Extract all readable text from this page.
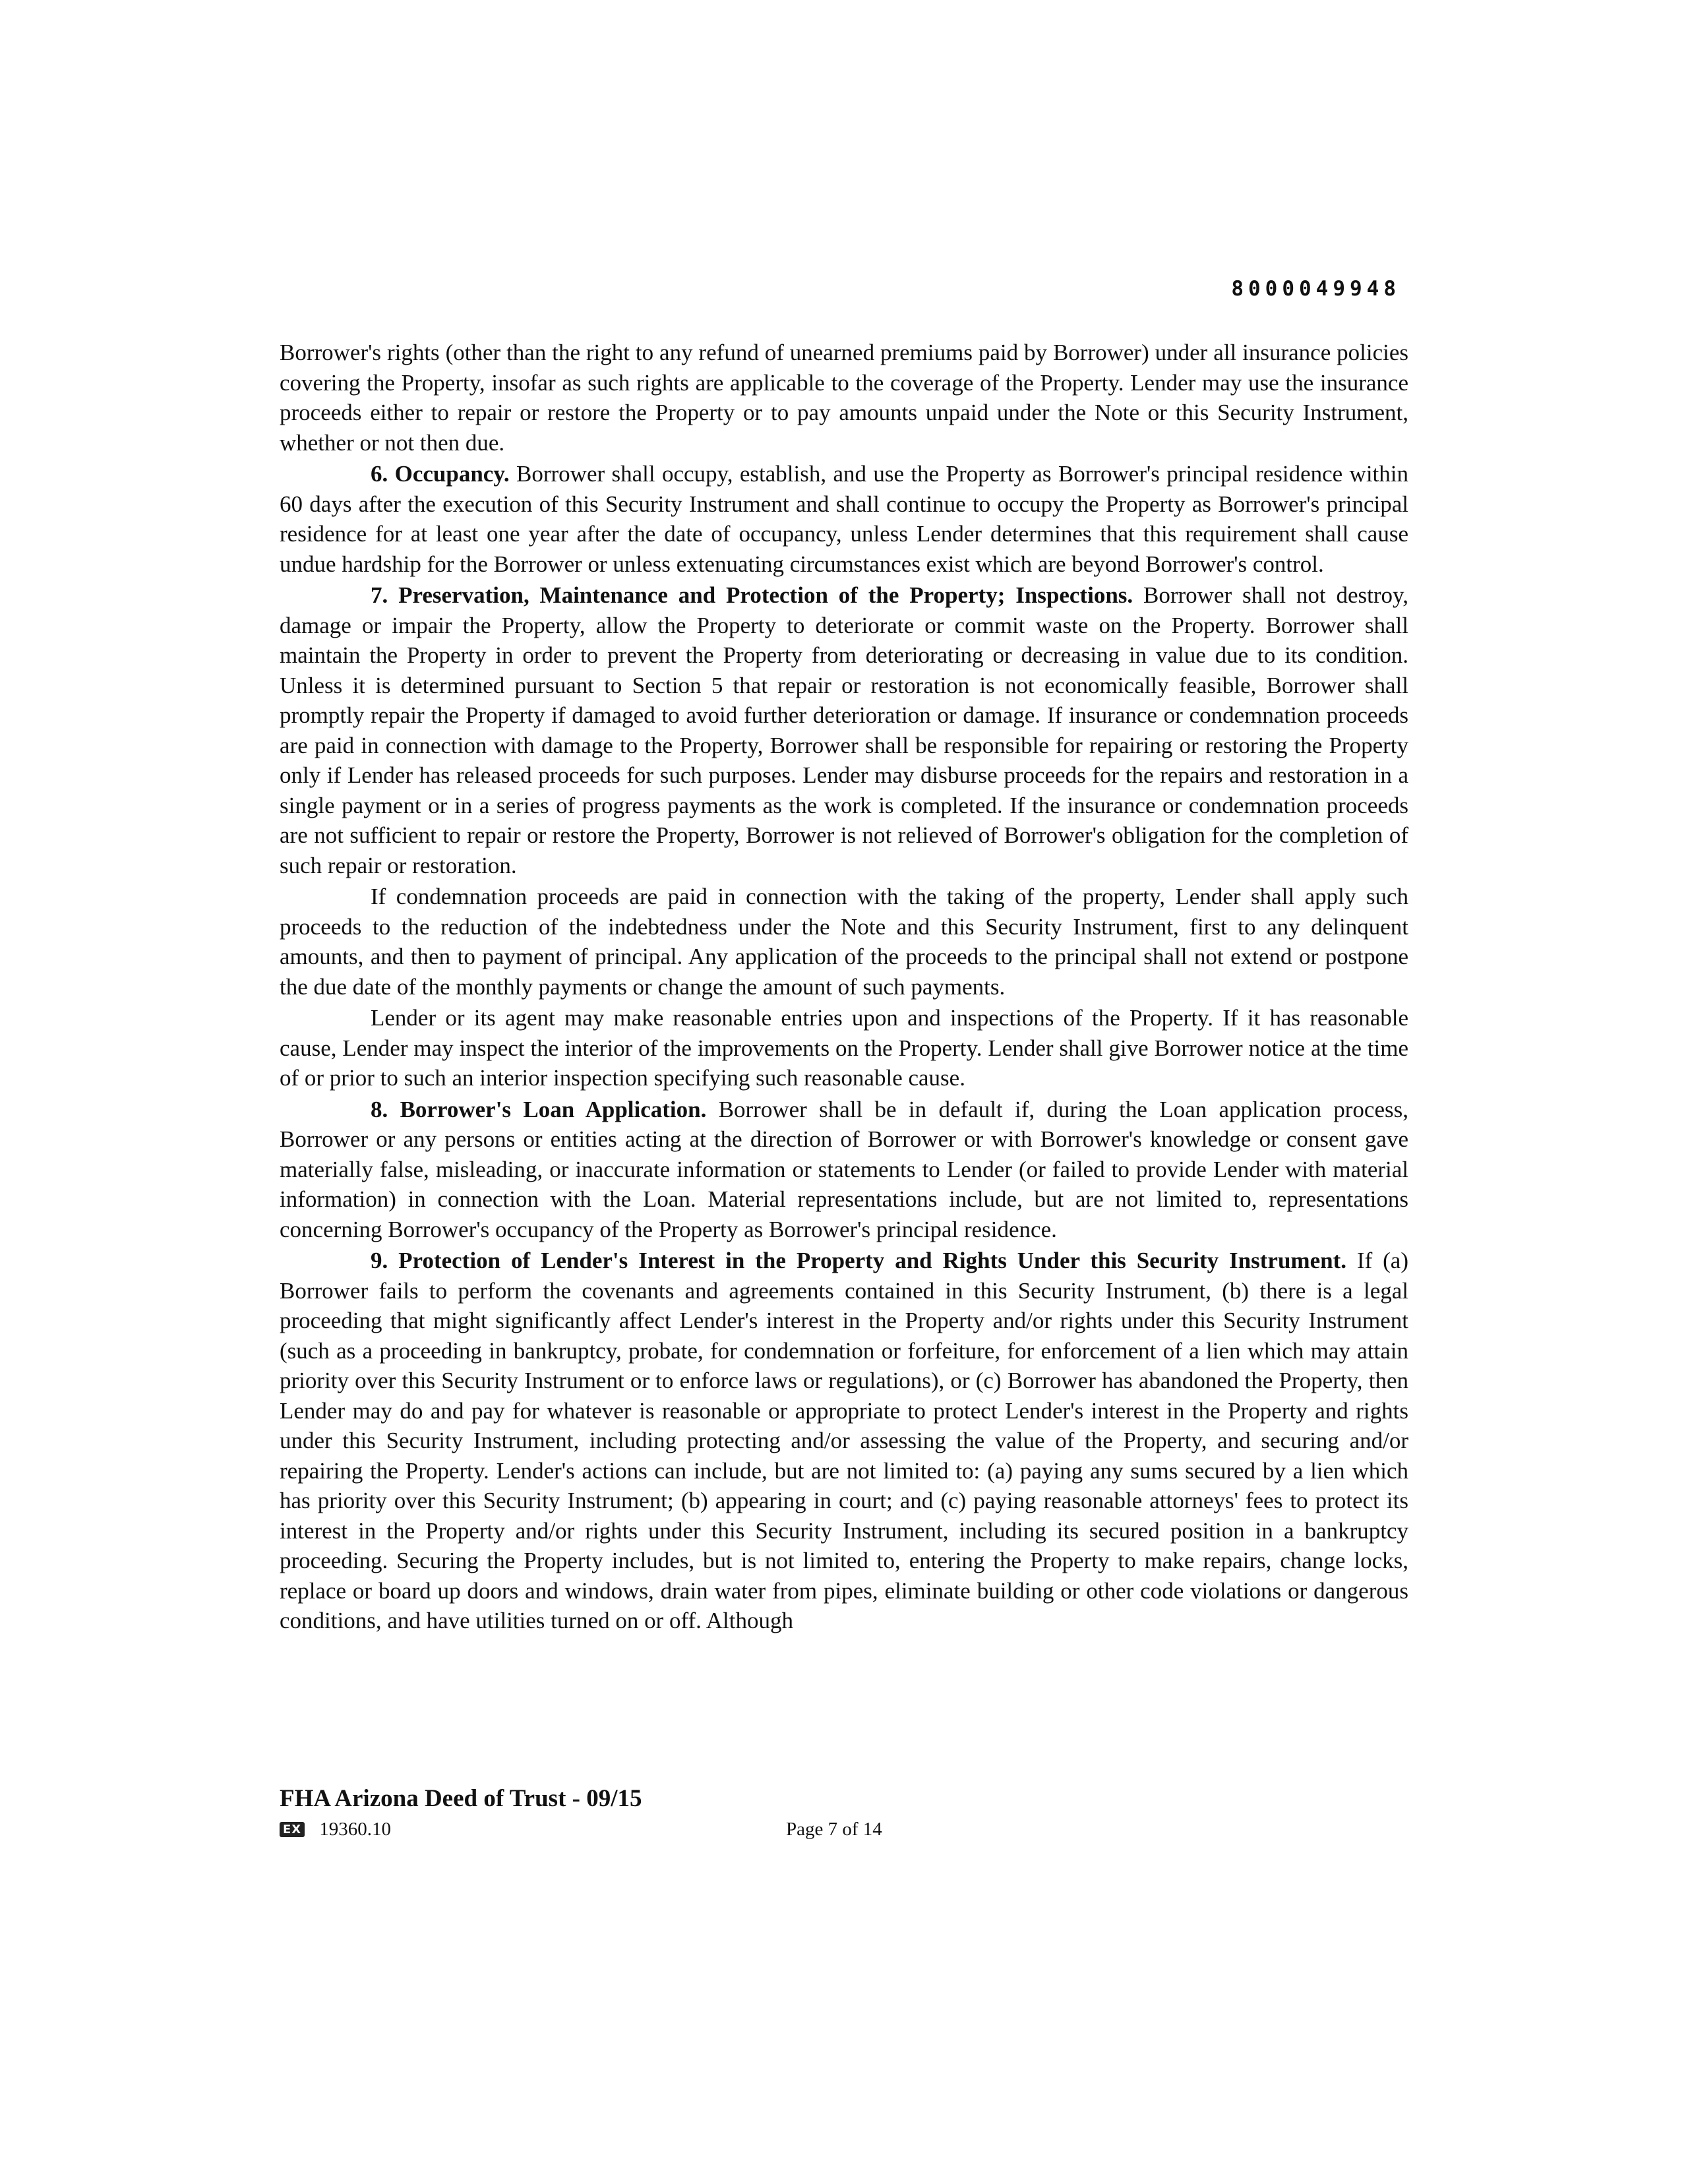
8000049948

Borrower's rights (other than the right to any refund of unearned premiums paid by Borrower) under all insurance policies covering the Property, insofar as such rights are applicable to the coverage of the Property. Lender may use the insurance proceeds either to repair or restore the Property or to pay amounts unpaid under the Note or this Security Instrument, whether or not then due.

6. Occupancy. Borrower shall occupy, establish, and use the Property as Borrower's principal residence within 60 days after the execution of this Security Instrument and shall continue to occupy the Property as Borrower's principal residence for at least one year after the date of occupancy, unless Lender determines that this requirement shall cause undue hardship for the Borrower or unless extenuating circumstances exist which are beyond Borrower's control.

7. Preservation, Maintenance and Protection of the Property; Inspections. Borrower shall not destroy, damage or impair the Property, allow the Property to deteriorate or commit waste on the Property. Borrower shall maintain the Property in order to prevent the Property from deteriorating or decreasing in value due to its condition. Unless it is determined pursuant to Section 5 that repair or restoration is not economically feasible, Borrower shall promptly repair the Property if damaged to avoid further deterioration or damage. If insurance or condemnation proceeds are paid in connection with damage to the Property, Borrower shall be responsible for repairing or restoring the Property only if Lender has released proceeds for such purposes. Lender may disburse proceeds for the repairs and restoration in a single payment or in a series of progress payments as the work is completed. If the insurance or condemnation proceeds are not sufficient to repair or restore the Property, Borrower is not relieved of Borrower's obligation for the completion of such repair or restoration.

If condemnation proceeds are paid in connection with the taking of the property, Lender shall apply such proceeds to the reduction of the indebtedness under the Note and this Security Instrument, first to any delinquent amounts, and then to payment of principal. Any application of the proceeds to the principal shall not extend or postpone the due date of the monthly payments or change the amount of such payments.

Lender or its agent may make reasonable entries upon and inspections of the Property. If it has reasonable cause, Lender may inspect the interior of the improvements on the Property. Lender shall give Borrower notice at the time of or prior to such an interior inspection specifying such reasonable cause.

8. Borrower's Loan Application. Borrower shall be in default if, during the Loan application process, Borrower or any persons or entities acting at the direction of Borrower or with Borrower's knowledge or consent gave materially false, misleading, or inaccurate information or statements to Lender (or failed to provide Lender with material information) in connection with the Loan. Material representations include, but are not limited to, representations concerning Borrower's occupancy of the Property as Borrower's principal residence.

9. Protection of Lender's Interest in the Property and Rights Under this Security Instrument. If (a) Borrower fails to perform the covenants and agreements contained in this Security Instrument, (b) there is a legal proceeding that might significantly affect Lender's interest in the Property and/or rights under this Security Instrument (such as a proceeding in bankruptcy, probate, for condemnation or forfeiture, for enforcement of a lien which may attain priority over this Security Instrument or to enforce laws or regulations), or (c) Borrower has abandoned the Property, then Lender may do and pay for whatever is reasonable or appropriate to protect Lender's interest in the Property and rights under this Security Instrument, including protecting and/or assessing the value of the Property, and securing and/or repairing the Property. Lender's actions can include, but are not limited to: (a) paying any sums secured by a lien which has priority over this Security Instrument; (b) appearing in court; and (c) paying reasonable attorneys' fees to protect its interest in the Property and/or rights under this Security Instrument, including its secured position in a bankruptcy proceeding. Securing the Property includes, but is not limited to, entering the Property to make repairs, change locks, replace or board up doors and windows, drain water from pipes, eliminate building or other code violations or dangerous conditions, and have utilities turned on or off. Although

FHA Arizona Deed of Trust - 09/15
EX 19360.10	Page 7 of 14
